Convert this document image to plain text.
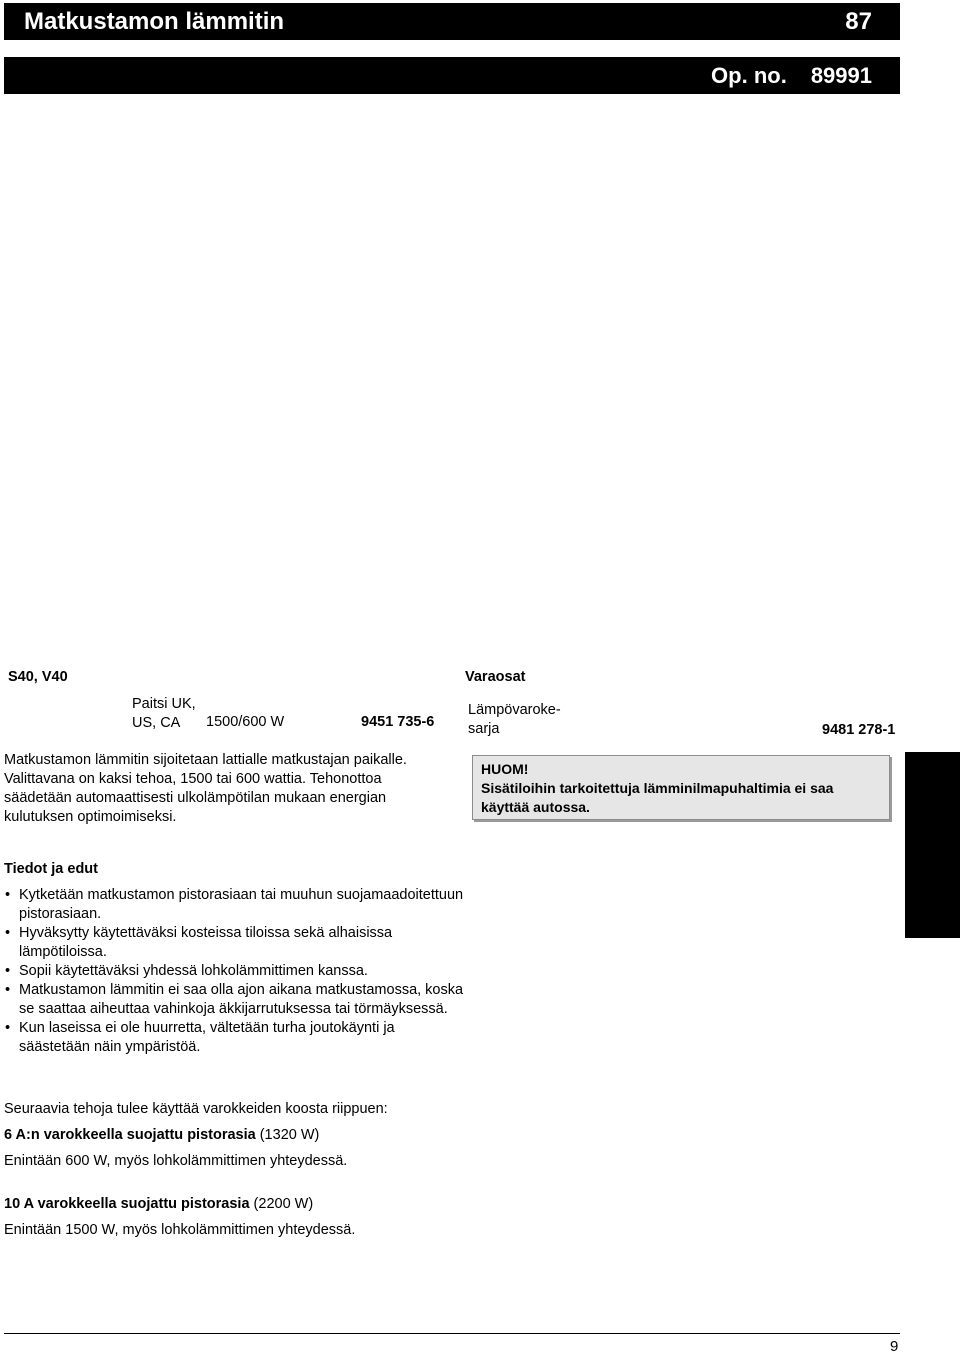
Matkustamon lämmitin	87
Op. no. 89991
S40, V40
Paitsi UK,
US, CA	1500/600 W	9451 735-6
Matkustamon lämmitin sijoitetaan lattialle matkustajan paikalle.
Valittavana on kaksi tehoa, 1500 tai 600 wattia. Tehonottoa säädetään automaattisesti ulkolämpötilan mukaan energian kulutuksen optimoimiseksi.
Varaosat
Lämpövaroke-
sarja	9481 278-1
HUOM!
Sisätiloihin tarkoitettuja lämminilmapuhaltimia ei saa käyttää autossa.
Tiedot ja edut
• Kytketään matkustamon pistorasiaan tai muuhun suojamaadoitettuun pistorasiaan.
• Hyväksytty käytettäväksi kosteissa tiloissa sekä alhaisissa lämpötiloissa.
• Sopii käytettäväksi yhdessä lohkolämmittimen kanssa.
• Matkustamon lämmitin ei saa olla ajon aikana matkustamossa, koska se saattaa aiheuttaa vahinkoja äkkijarrutuksessa tai törmäyksessä.
• Kun laseissa ei ole huurretta, vältetään turha joutokäynti ja säästetään näin ympäristöä.
Seuraavia tehoja tulee käyttää varokkeiden koosta riippuen:
6 A:n varokkeella suojattu pistorasia (1320 W)
Enintään 600 W, myös lohkolämmittimen yhteydessä.
10 A varokkeella suojattu pistorasia (2200 W)
Enintään 1500 W, myös lohkolämmittimen yhteydessä.
9
